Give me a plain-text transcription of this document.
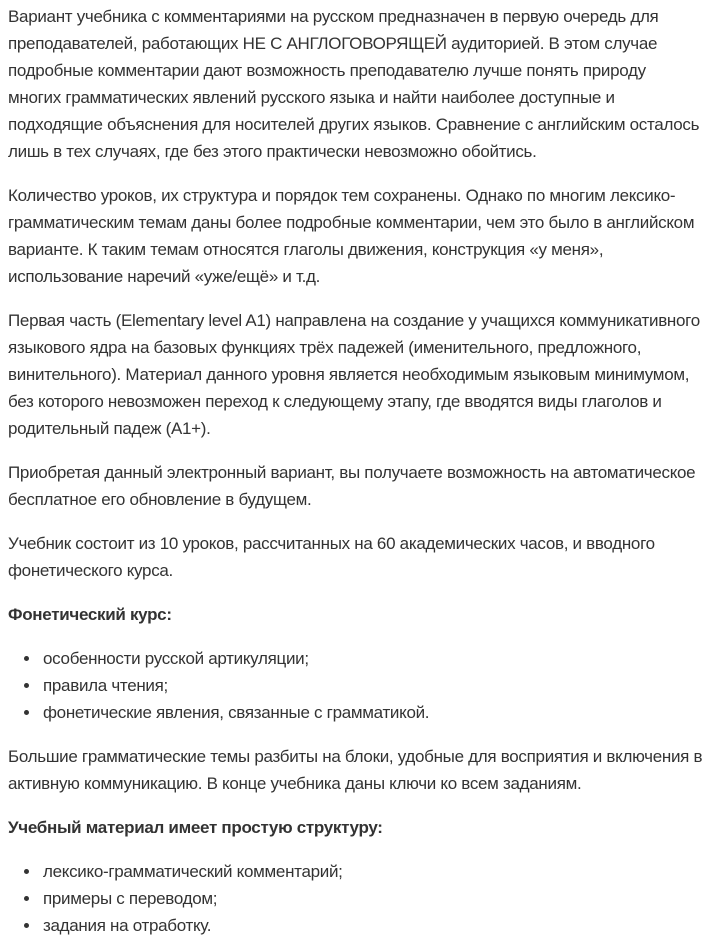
Вариант учебника с комментариями на русском предназначен в первую очередь для преподавателей, работающих НЕ С АНГЛОГОВОРЯЩЕЙ аудиторией. В этом случае подробные комментарии дают возможность преподавателю лучше понять природу многих грамматических явлений русского языка и найти наиболее доступные и подходящие объяснения для носителей других языков. Сравнение с английским осталось лишь в тех случаях, где без этого практически невозможно обойтись.

Количество уроков, их структура и порядок тем сохранены. Однако по многим лексико-грамматическим темам даны более подробные комментарии, чем это было в английском варианте. К таким темам относятся глаголы движения, конструкция «у меня», использование наречий «уже/ещё» и т.д.

Первая часть (Elementary level A1) направлена на создание у учащихся коммуникативного языкового ядра на базовых функциях трёх падежей (именительного, предложного, винительного). Материал данного уровня является необходимым языковым минимумом, без которого невозможен переход к следующему этапу, где вводятся виды глаголов и родительный падеж (A1+).

Приобретая данный электронный вариант, вы получаете возможность на автоматическое бесплатное его обновление в будущем.

Учебник состоит из 10 уроков, рассчитанных на 60 академических часов, и вводного фонетического курса.

Фонетический курс:

• особенности русской артикуляции;
• правила чтения;
• фонетические явления, связанные с грамматикой.

Большие грамматические темы разбиты на блоки, удобные для восприятия и включения в активную коммуникацию. В конце учебника даны ключи ко всем заданиям.

Учебный материал имеет простую структуру:

• лексико-грамматический комментарий;
• примеры с переводом;
• задания на отработку.
